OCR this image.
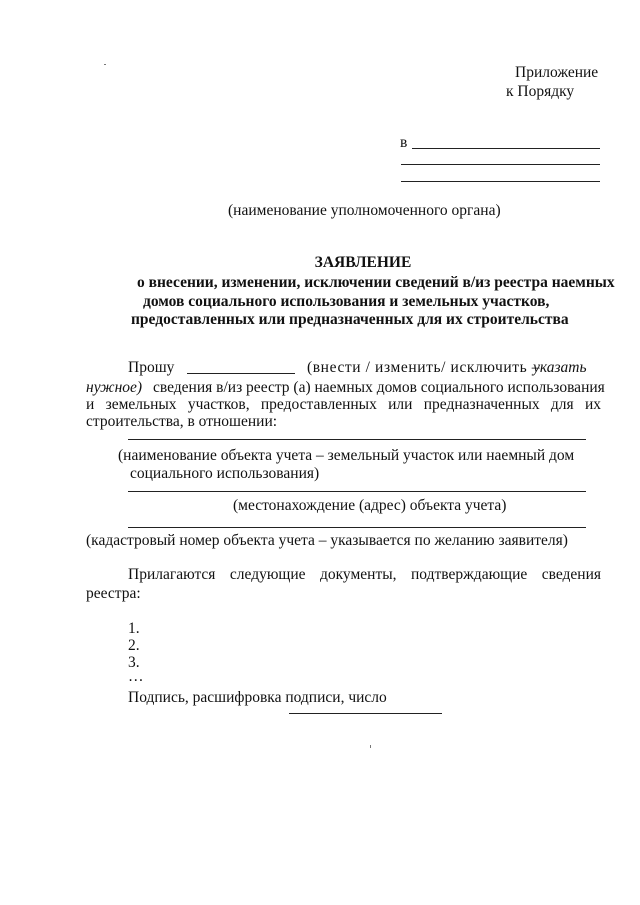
Приложение
к Порядку
в
(наименование уполномоченного органа)
ЗАЯВЛЕНИЕ
о внесении, изменении, исключении сведений в/из реестра наемных
домов социального использования и земельных участков,
предоставленных или предназначенных для их строительства
Прошу	(внести / изменить/ исключить –
указать
нужное) сведения в/из реестр (а) наемных домов социального использования
и земельных участков, предоставленных или предназначенных для их
строительства, в отношении:
(наименование объекта учета – земельный участок или наемный дом
социального использования)
(местонахождение (адрес) объекта учета)
(кадастровый номер объекта учета – указывается по желанию заявителя)
Прилагаются следующие документы, подтверждающие сведения
реестра:
1.
2.
3.
…
Подпись, расшифровка подписи, число
